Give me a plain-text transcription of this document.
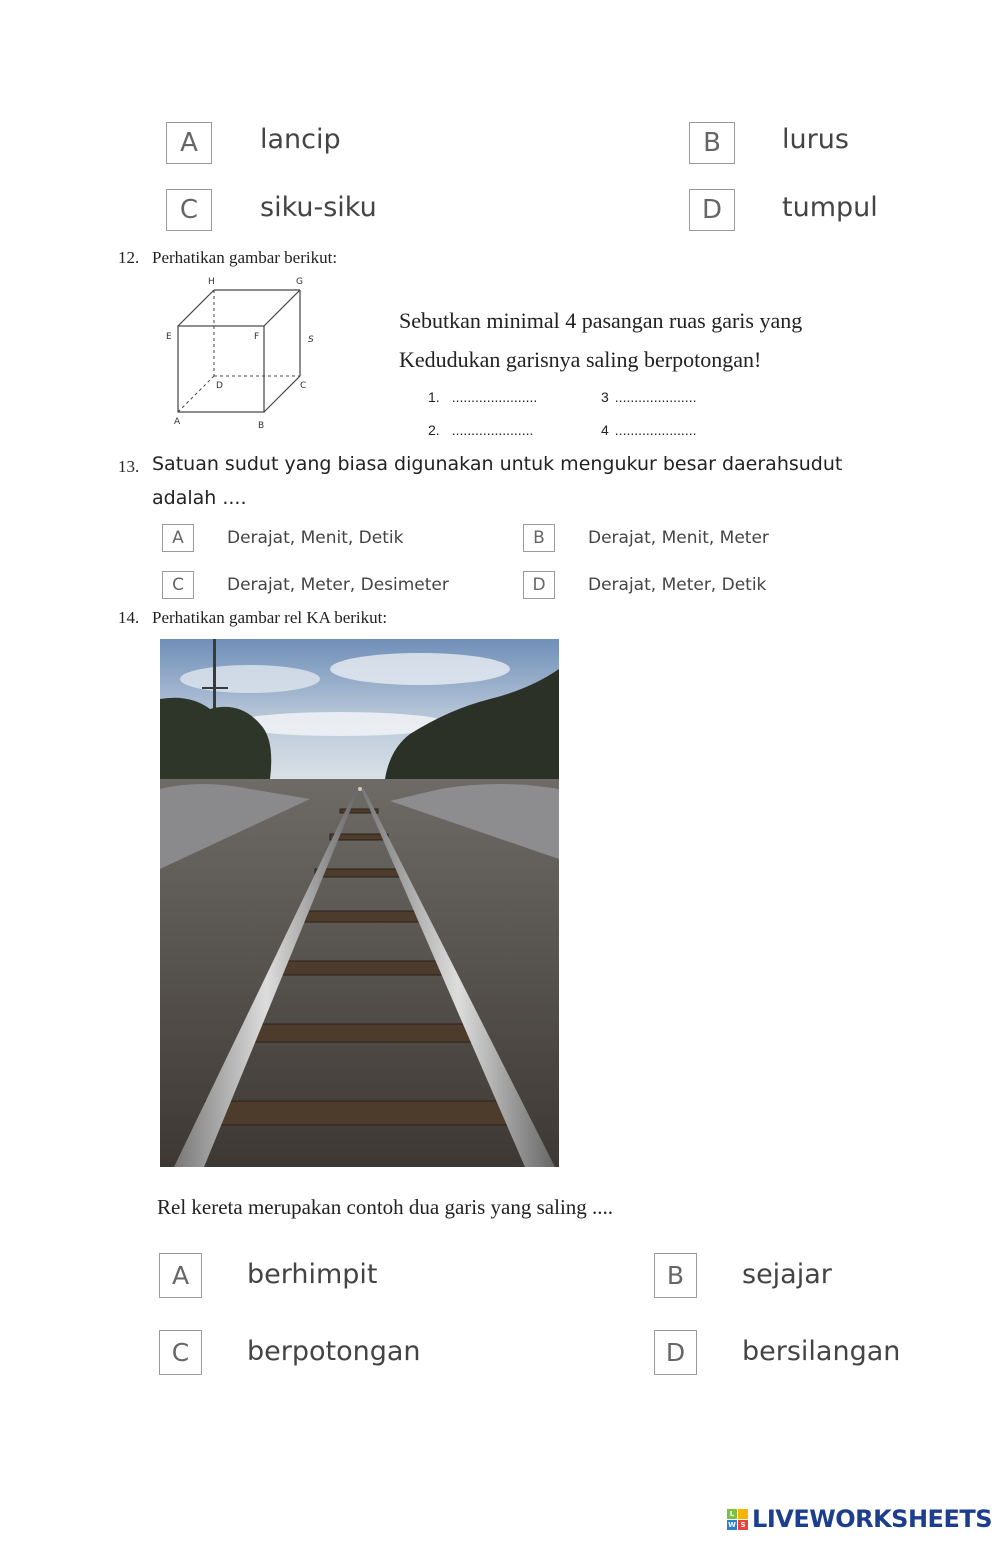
A lancip	B lurus
C siku-siku	D tumpul
12. Perhatikan gambar berikut:
H	G
E	F	S
D	C
A	B
Sebutkan minimal 4 pasangan ruas garis yang
Kedudukan garisnya saling berpotongan!
1. ......................	3 .....................
2. .....................	4 .....................
13. Satuan sudut yang biasa digunakan untuk mengukur besar daerahsudut
adalah ....
A	Derajat, Menit, Detik	B	Derajat, Menit, Meter
C	Derajat, Meter, Desimeter	D Derajat, Meter, Detik
14. Perhatikan gambar rel KA berikut:
Rel kereta merupakan contoh dua garis yang saling ....
A berhimpit	B sejajar
C berpotongan	D bersilangan
L
W S LIVEWORKSHEETS
